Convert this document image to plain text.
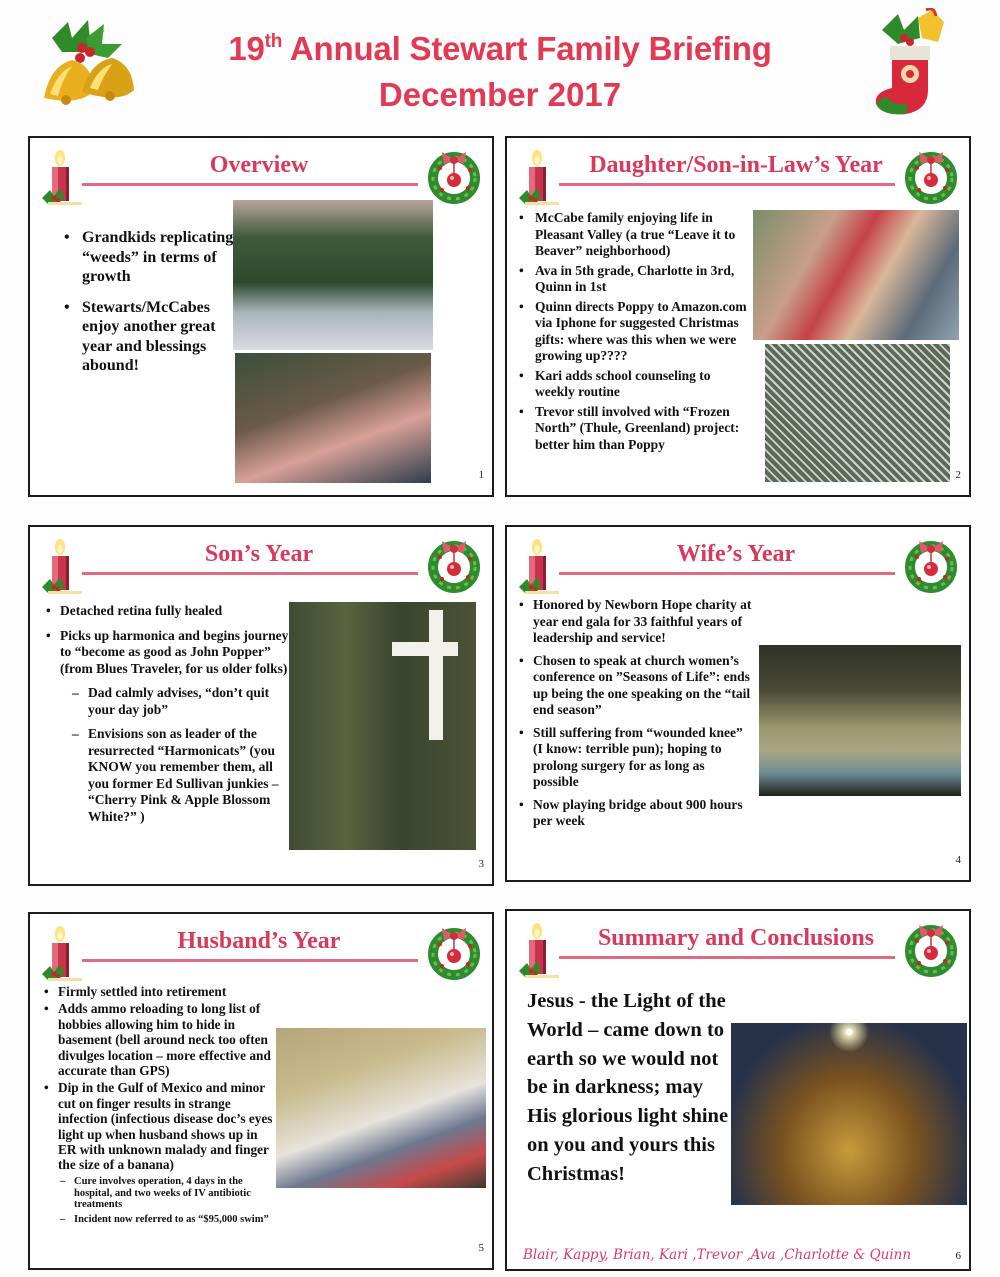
19th Annual Stewart Family Briefing
December 2017
Overview
• Grandkids replicating “weeds” in terms of growth
• Stewarts/McCabes enjoy another great year and blessings abound!
1
Daughter/Son-in-Law’s Year
• McCabe family enjoying life in Pleasant Valley (a true “Leave it to Beaver” neighborhood)
• Ava in 5th grade, Charlotte in 3rd, Quinn in 1st
• Quinn directs Poppy to Amazon.com via Iphone for suggested Christmas gifts: where was this when we were growing up????
• Kari adds school counseling to weekly routine
• Trevor still involved with “Frozen North” (Thule, Greenland) project: better him than Poppy
2
Son’s Year
• Detached retina fully healed
• Picks up harmonica and begins journey to “become as good as John Popper” (from Blues Traveler, for us older folks)
– Dad calmly advises, “don’t quit your day job”
– Envisions son as leader of the resurrected “Harmonicats” (you KNOW you remember them, all you former Ed Sullivan junkies – “Cherry Pink & Apple Blossom White?” )
3
Wife’s Year
• Honored by Newborn Hope charity at year end gala for 33 faithful years of leadership and service!
• Chosen to speak at church women’s conference on ”Seasons of Life”: ends up being the one speaking on the “tail end season”
• Still suffering from “wounded knee” (I know: terrible pun); hoping to prolong surgery for as long as possible
• Now playing bridge about 900 hours per week
4
Husband’s Year
• Firmly settled into retirement
• Adds ammo reloading to long list of hobbies allowing him to hide in basement (bell around neck too often divulges location – more effective and accurate than GPS)
• Dip in the Gulf of Mexico and minor cut on finger results in strange infection (infectious disease doc’s eyes light up when husband shows up in ER with unknown malady and finger the size of a banana)
– Cure involves operation, 4 days in the hospital, and two weeks of IV antibiotic treatments
– Incident now referred to as “$95,000 swim”
5
Summary and Conclusions
Jesus - the Light of the World – came down to earth so we would not be in darkness; may His glorious light shine on you and yours this Christmas!
Blair, Kappy, Brian, Kari ,Trevor ,Ava ,Charlotte & Quinn	6
